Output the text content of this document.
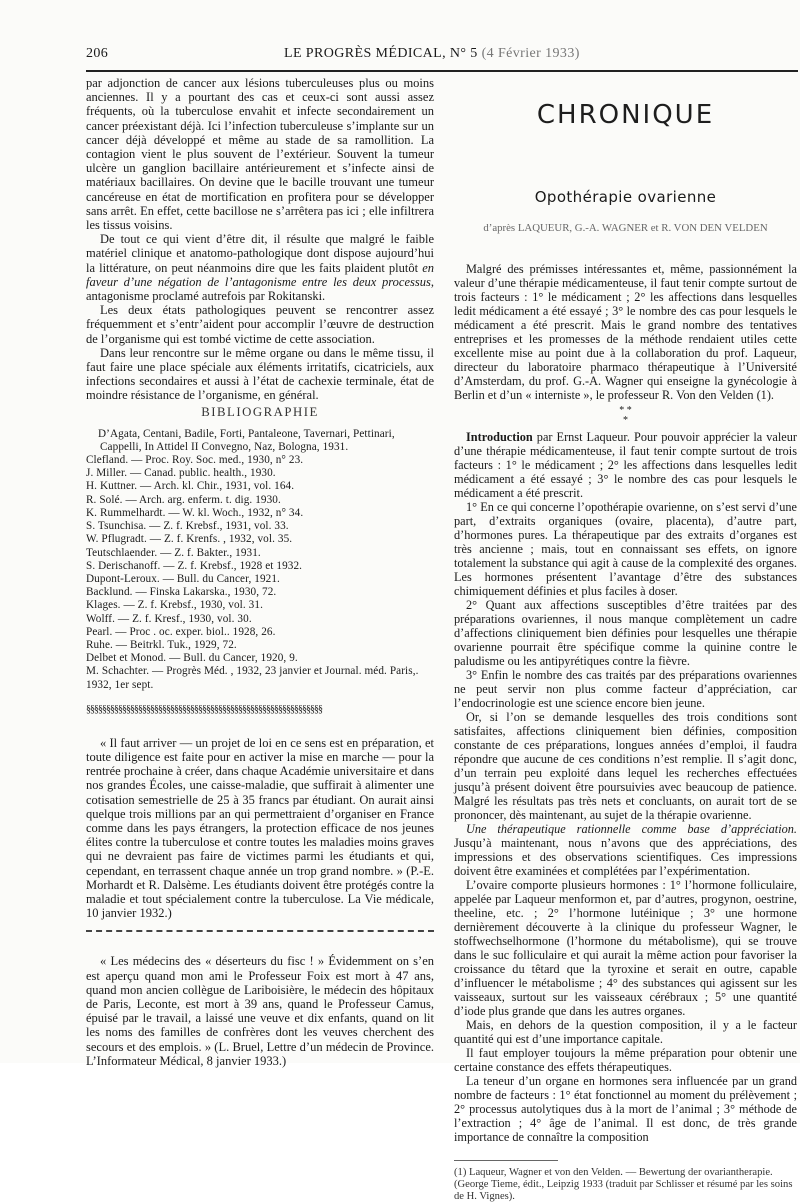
206	LE PROGRÈS MÉDICAL, N° 5 (4 Février 1933)

par adjonction de cancer aux lésions tuberculeuses plus ou moins anciennes. Il y a pourtant des cas et ceux-ci sont aussi assez fréquents, où la tuberculose envahit et infecte secondairement un cancer préexistant déjà. Ici l’infection tuberculeuse s’implante sur un cancer déjà développé et même au stade de sa ramollition. La contagion vient le plus souvent de l’extérieur. Souvent la tumeur ulcère un ganglion bacillaire antérieurement et s’infecte ainsi de matériaux bacillaires. On devine que le bacille trouvant une tumeur cancéreuse en état de mortification en profitera pour se développer sans arrêt. En effet, cette bacillose ne s’arrêtera pas ici ; elle infiltrera les tissus voisins.

De tout ce qui vient d’être dit, il résulte que malgré le faible matériel clinique et anatomo-pathologique dont dispose aujourd’hui la littérature, on peut néanmoins dire que les faits plaident plutôt en faveur d’une négation de l’antagonisme entre les deux processus, antagonisme proclamé autrefois par Rokitanski.

Les deux états pathologiques peuvent se rencontrer assez fréquemment et s’entr’aident pour accomplir l’œuvre de destruction de l’organisme qui est tombé victime de cette association.

Dans leur rencontre sur le même organe ou dans le même tissu, il faut faire une place spéciale aux éléments irritatifs, cicatriciels, aux infections secondaires et aussi à l’état de cachexie terminale, état de moindre résistance de l’organisme, en général.

BIBLIOGRAPHIE

D’Agata, Centani, Badile, Forti, Pantaleone, Tavernari, Pettinari, Cappelli, In Attidel II Convegno, Naz, Bologna, 1931.

Clefland. — Proc. Roy. Soc. med., 1930, n° 23.

J. Miller. — Canad. public. health., 1930.

H. Kuttner. — Arch. kl. Chir., 1931, vol. 164.

R. Solé. — Arch. arg. enferm. t. dig. 1930.

K. Rummelhardt. — W. kl. Woch., 1932, n° 34.

S. Tsunchisa. — Z. f. Krebsf., 1931, vol. 33.

W. Pflugradt. — Z. f. Krenfs. , 1932, vol. 35.

Teutschlaender. — Z. f. Bakter., 1931.

S. Derischanoff. — Z. f. Krebsf., 1928 et 1932.

Dupont-Leroux. — Bull. du Cancer, 1921.

Backlund. — Finska Lakarska., 1930, 72.

Klages. — Z. f. Krebsf., 1930, vol. 31.

Wolff. — Z. f. Kresf., 1930, vol. 30.

Pearl. — Proc . oc. exper. biol.. 1928, 26.

Ruhe. — Beitrkl. Tuk., 1929, 72.

Delbet et Monod. — Bull. du Cancer, 1920, 9.

M. Schachter. — Progrès Méd. , 1932, 23 janvier et Journal. méd. Paris,. 1932, 1er sept.

§§§§§§§§§§§§§§§§§§§§§§§§§§§§§§§§§§§§§§§§§§§§§§§§§§§§§§§§§§§

« Il faut arriver — un projet de loi en ce sens est en préparation, et toute diligence est faite pour en activer la mise en marche — pour la rentrée prochaine à créer, dans chaque Académie universitaire et dans nos grandes Écoles, une caisse-maladie, que suffirait à alimenter une cotisation semestrielle de 25 à 35 francs par étudiant. On aurait ainsi quelque trois millions par an qui permettraient d’organiser en France comme dans les pays étrangers, la protection efficace de nos jeunes élites contre la tuberculose et contre toutes les maladies moins graves qui ne devraient pas faire de victimes parmi les étudiants et qui, cependant, en terrassent chaque année un trop grand nombre. » (P.-E. Morhardt et R. Dalsème. Les étudiants doivent être protégés contre la maladie et tout spécialement contre la tuberculose. La Vie médicale, 10 janvier 1932.)

« Les médecins des « déserteurs du fisc ! » Évidemment on s’en est aperçu quand mon ami le Professeur Foix est mort à 47 ans, quand mon ancien collègue de Lariboisière, le médecin des hôpitaux de Paris, Leconte, est mort à 39 ans, quand le Professeur Camus, épuisé par le travail, a laissé une veuve et dix enfants, quand on lit les noms des familles de confrères dont les veuves cherchent des secours et des emplois. » (L. Bruel, Lettre d’un médecin de Province. L’Informateur Médical, 8 janvier 1933.)

CHRONIQUE
Opothérapie ovarienne
d’après LAQUEUR, G.-A. WAGNER et R. VON DEN VELDEN

Malgré des prémisses intéressantes et, même, passionnément la valeur d’une thérapie médicamenteuse, il faut tenir compte surtout de trois facteurs : 1° le médicament ; 2° les affections dans lesquelles ledit médicament a été essayé ; 3° le nombre des cas pour lesquels le médicament a été prescrit. Mais le grand nombre des tentatives entreprises et les promesses de la méthode rendaient utiles cette excellente mise au point due à la collaboration du prof. Laqueur, directeur du laboratoire pharmaco thérapeutique à l’Université d’Amsterdam, du prof. G.-A. Wagner qui enseigne la gynécologie à Berlin et d’un « interniste », le professeur R. Von den Velden (1).

* *
*

Introduction par Ernst Laqueur. Pour pouvoir apprécier la valeur d’une thérapie médicamenteuse, il faut tenir compte surtout de trois facteurs : 1° le médicament ; 2° les affections dans lesquelles ledit médicament a été essayé ; 3° le nombre des cas pour lesquels le médicament a été prescrit.

1° En ce qui concerne l’opothérapie ovarienne, on s’est servi d’une part, d’extraits organiques (ovaire, placenta), d’autre part, d’hormones pures. La thérapeutique par des extraits d’organes est très ancienne ; mais, tout en connaissant ses effets, on ignore totalement la substance qui agit à cause de la complexité des organes. Les hormones présentent l’avantage d’être des substances chimiquement définies et plus faciles à doser.

2° Quant aux affections susceptibles d’être traitées par des préparations ovariennes, il nous manque complètement un cadre d’affections cliniquement bien définies pour lesquelles une thérapie ovarienne pourrait être spécifique comme la quinine contre le paludisme ou les antipyrétiques contre la fièvre.

3° Enfin le nombre des cas traités par des préparations ovariennes ne peut servir non plus comme facteur d’appréciation, car l’endocrinologie est une science encore bien jeune.

Or, si l’on se demande lesquelles des trois conditions sont satisfaites, affections cliniquement bien définies, composition constante de ces préparations, longues années d’emploi, il faudra répondre que aucune de ces conditions n’est remplie. Il s’agit donc, d’un terrain peu exploité dans lequel les recherches effectuées jusqu’à présent doivent être poursuivies avec beaucoup de patience. Malgré les résultats pas très nets et concluants, on aurait tort de se prononcer, dès maintenant, au sujet de la thérapie ovarienne.

Une thérapeutique rationnelle comme base d’appréciation. Jusqu’à maintenant, nous n’avons que des appréciations, des impressions et des observations scientifiques. Ces impressions doivent être examinées et complétées par l’expérimentation.

L’ovaire comporte plusieurs hormones : 1° l’hormone folliculaire, appelée par Laqueur menformon et, par d’autres, progynon, oestrine, theeline, etc. ; 2° l’hormone lutéinique ; 3° une hormone dernièrement découverte à la clinique du professeur Wagner, le stoffwechselhormone (l’hormone du métabolisme), qui se trouve dans le suc folliculaire et qui aurait la même action pour favoriser la croissance du têtard que la tyroxine et serait en outre, capable d’influencer le métabolisme ; 4° des substances qui agissent sur les vaisseaux, surtout sur les vaisseaux cérébraux ; 5° une quantité d’iode plus grande que dans les autres organes.

Mais, en dehors de la question composition, il y a le facteur quantité qui est d’une importance capitale.

Il faut employer toujours la même préparation pour obtenir une certaine constance des effets thérapeutiques.

La teneur d’un organe en hormones sera influencée par un grand nombre de facteurs : 1° état fonctionnel au moment du prélèvement ; 2° processus autolytiques dus à la mort de l’animal ; 3° méthode de l’extraction ; 4° âge de l’animal. Il est donc, de très grande importance de connaître la composition

(1) Laqueur, Wagner et von den Velden. — Bewertung der ovariantherapie. (George Tieme, édit., Leipzig 1933 (traduit par Schlisser et résumé par les soins de H. Vignes).
